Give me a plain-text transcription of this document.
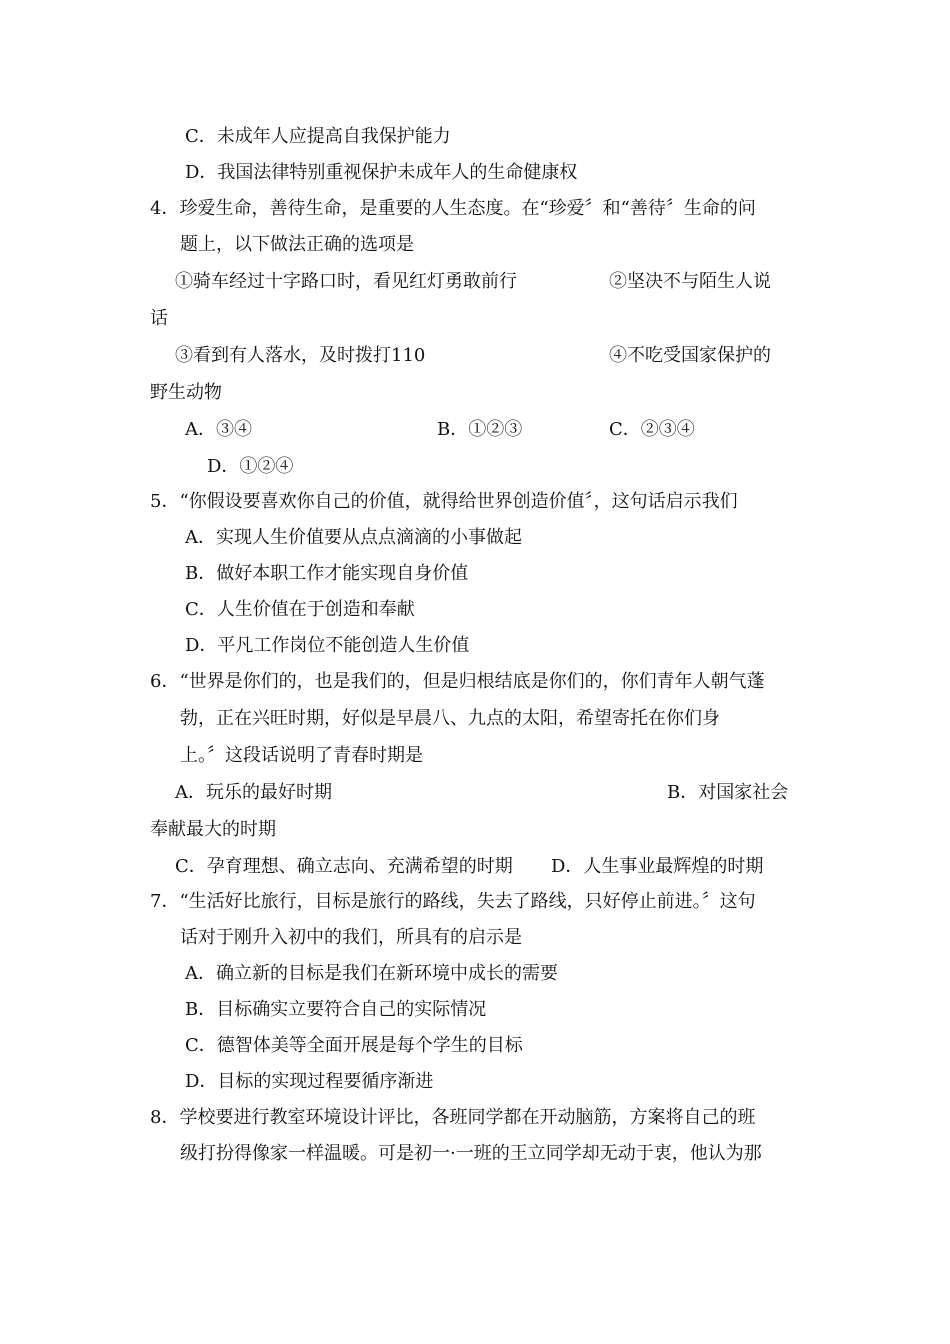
C．未成年人应提高自我保护能力
D．我国法律特别重视保护未成年人的生命健康权
4．珍爱生命，善待生命，是重要的人生态度。在“珍爱〞和“善待〞生命的问
题上，以下做法正确的选项是
①骑车经过十字路口时，看见红灯勇敢前行	②坚决不与陌生人说
话
③看到有人落水，及时拨打110	④不吃受国家保护的
野生动物
A．③④	B．①②③	C．②③④
D．①②④
5．“你假设要喜欢你自己的价值，就得给世界创造价值〞，这句话启示我们
A．实现人生价值要从点点滴滴的小事做起
B．做好本职工作才能实现自身价值
C．人生价值在于创造和奉献
D．平凡工作岗位不能创造人生价值
6．“世界是你们的，也是我们的，但是归根结底是你们的，你们青年人朝气蓬
勃，正在兴旺时期，好似是早晨八、九点的太阳，希望寄托在你们身
上。〞这段话说明了青春时期是
A．玩乐的最好时期	B．对国家社会
奉献最大的时期
C．孕育理想、确立志向、充满希望的时期 D．人生事业最辉煌的时期
7．“生活好比旅行，目标是旅行的路线，失去了路线，只好停止前进。〞这句
话对于刚升入初中的我们，所具有的启示是
A．确立新的目标是我们在新环境中成长的需要
B．目标确实立要符合自己的实际情况
C．德智体美等全面开展是每个学生的目标
D．目标的实现过程要循序渐进
8．学校要进行教室环境设计评比，各班同学都在开动脑筋，方案将自己的班
级打扮得像家一样温暖。可是初一·一班的王立同学却无动于衷，他认为那
